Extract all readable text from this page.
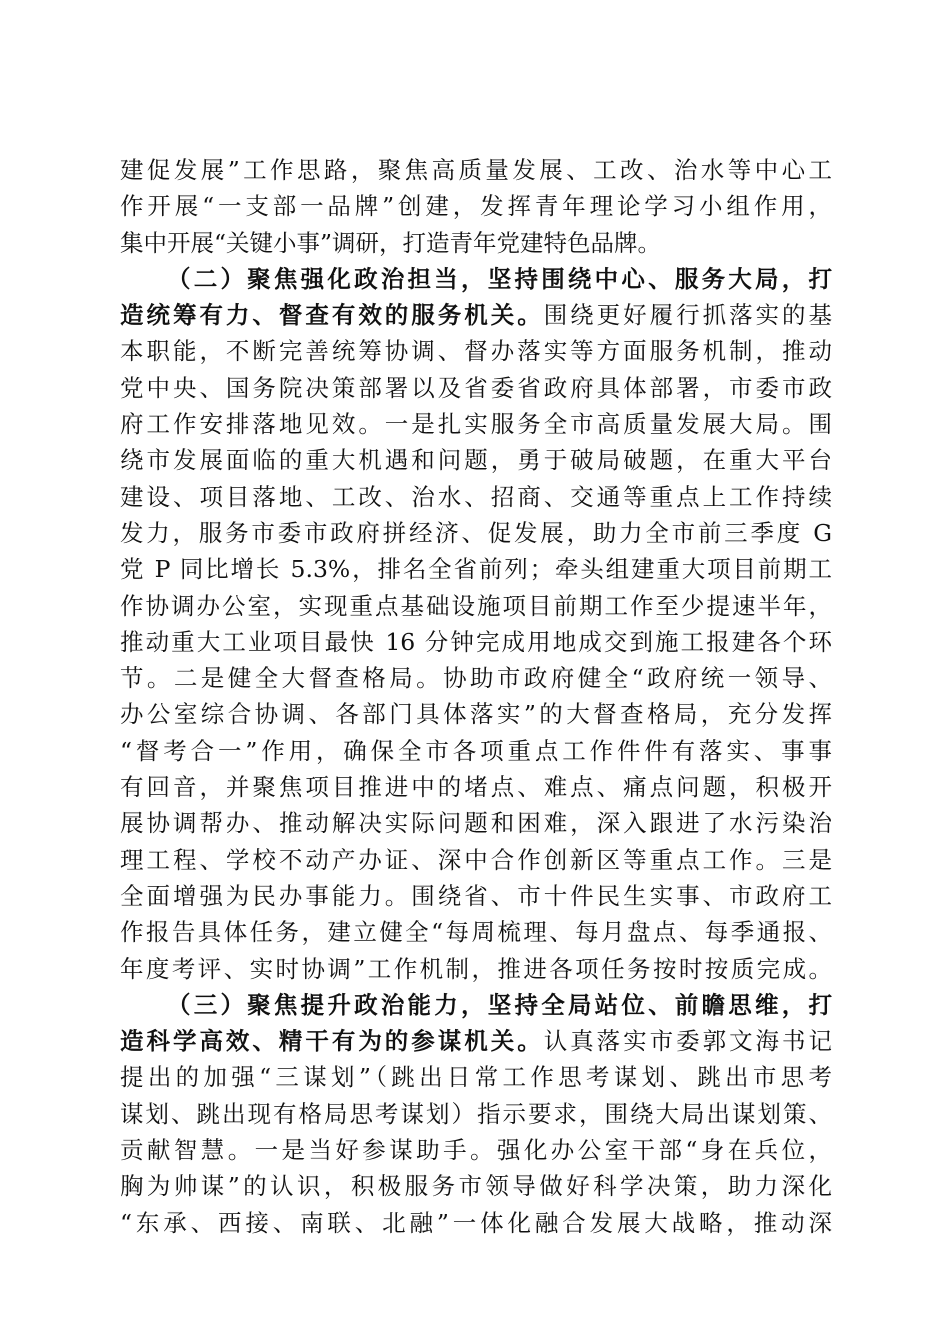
建促发展”工作思路，聚焦高质量发展、工改、治水等中心工
作开展“一支部一品牌”创建，发挥青年理论学习小组作用，
集中开展“关键小事”调研，打造青年党建特色品牌。
（二）聚焦强化政治担当，坚持围绕中心、服务大局，打
造统筹有力、督查有效的服务机关。围绕更好履行抓落实的基
本职能，不断完善统筹协调、督办落实等方面服务机制，推动
党中央、国务院决策部署以及省委省政府具体部署，市委市政
府工作安排落地见效。一是扎实服务全市高质量发展大局。围
绕市发展面临的重大机遇和问题，勇于破局破题，在重大平台
建设、项目落地、工改、治水、招商、交通等重点上工作持续
发力，服务市委市政府拼经济、促发展，助力全市前三季度 G
党 P 同比增长 5.3%，排名全省前列；牵头组建重大项目前期工
作协调办公室，实现重点基础设施项目前期工作至少提速半年，
推动重大工业项目最快 16 分钟完成用地成交到施工报建各个环
节。二是健全大督查格局。协助市政府健全“政府统一领导、
办公室综合协调、各部门具体落实”的大督查格局，充分发挥
“督考合一”作用，确保全市各项重点工作件件有落实、事事
有回音，并聚焦项目推进中的堵点、难点、痛点问题，积极开
展协调帮办、推动解决实际问题和困难，深入跟进了水污染治
理工程、学校不动产办证、深中合作创新区等重点工作。三是
全面增强为民办事能力。围绕省、市十件民生实事、市政府工
作报告具体任务，建立健全“每周梳理、每月盘点、每季通报、
年度考评、实时协调”工作机制，推进各项任务按时按质完成。
（三）聚焦提升政治能力，坚持全局站位、前瞻思维，打
造科学高效、精干有为的参谋机关。认真落实市委郭文海书记
提出的加强“三谋划”（跳出日常工作思考谋划、跳出市思考
谋划、跳出现有格局思考谋划）指示要求，围绕大局出谋划策、
贡献智慧。一是当好参谋助手。强化办公室干部“身在兵位，
胸为帅谋”的认识，积极服务市领导做好科学决策，助力深化
“东承、西接、南联、北融”一体化融合发展大战略，推动深
